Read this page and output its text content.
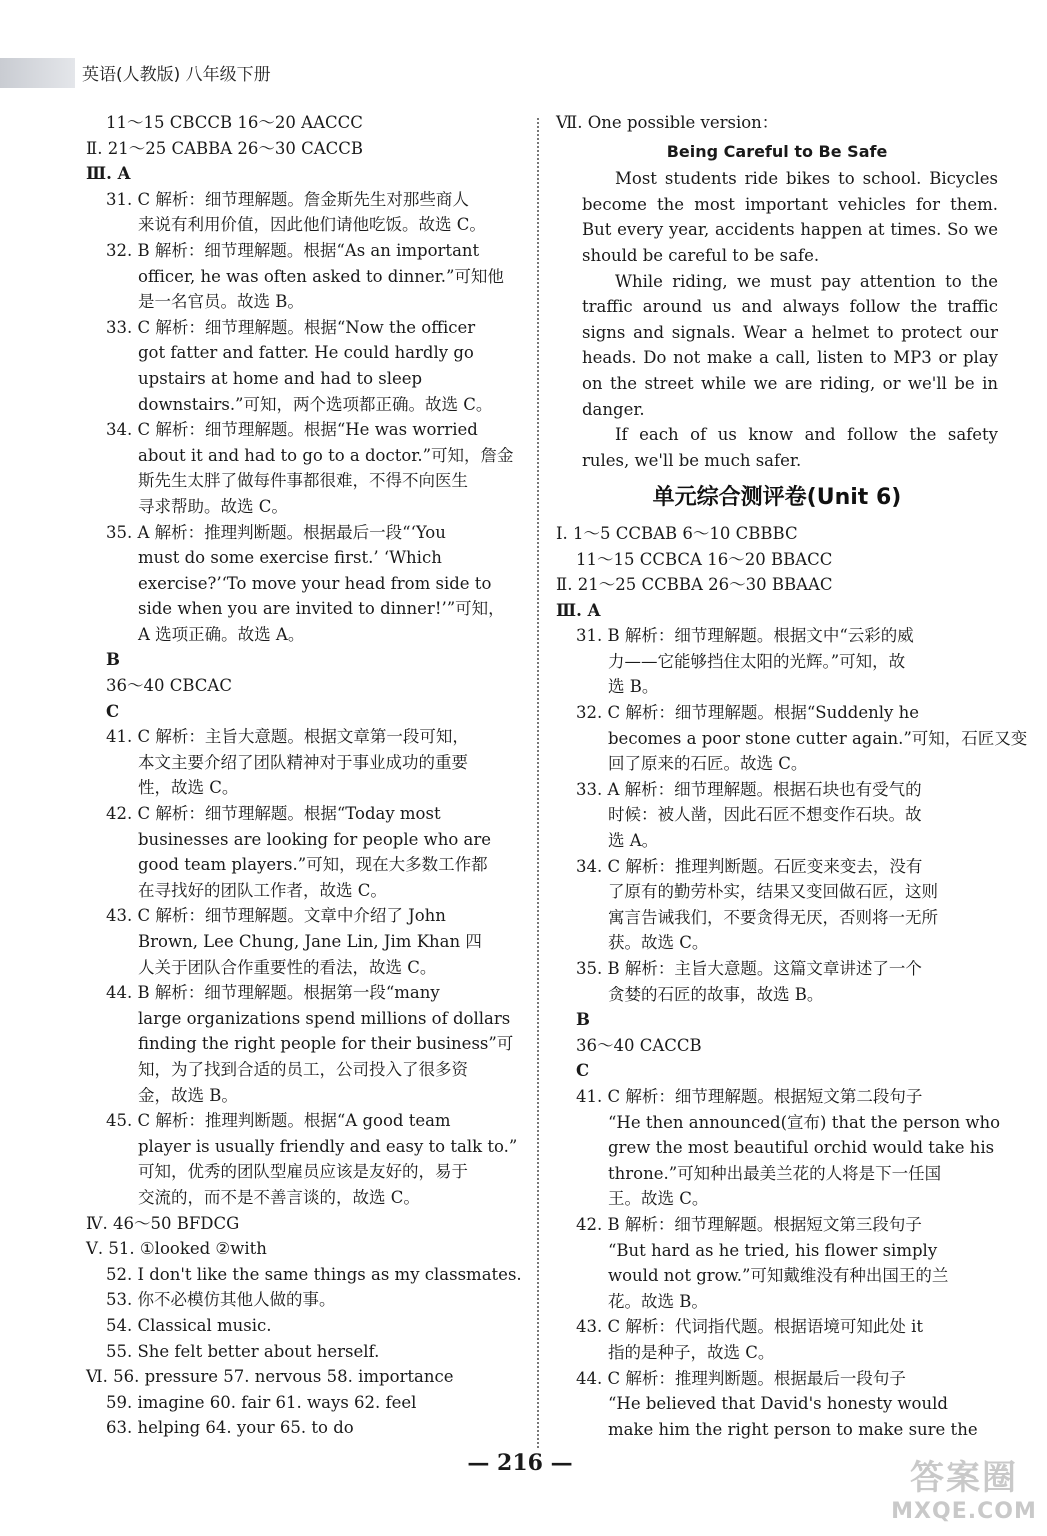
英语(人教版) 八年级下册
11～15 CBCCB 16～20 AACCC
Ⅱ. 21～25 CABBA 26～30 CACCB
Ⅲ. A
31. C 解析：细节理解题。詹金斯先生对那些商人
来说有利用价值，因此他们请他吃饭。故选 C。
32. B 解析：细节理解题。根据“As an important
officer, he was often asked to dinner.”可知他
是一名官员。故选 B。
33. C 解析：细节理解题。根据“Now the officer
got fatter and fatter. He could hardly go
upstairs at home and had to sleep
downstairs.”可知，两个选项都正确。故选 C。
34. C 解析：细节理解题。根据“He was worried
about it and had to go to a doctor.”可知，詹金
斯先生太胖了做每件事都很难，不得不向医生
寻求帮助。故选 C。
35. A 解析：推理判断题。根据最后一段“‘You
must do some exercise first.’ ‘Which
exercise?’‘To move your head from side to
side when you are invited to dinner!’”可知，
A 选项正确。故选 A。
B
36～40 CBCAC
C
41. C 解析：主旨大意题。根据文章第一段可知，
本文主要介绍了团队精神对于事业成功的重要
性，故选 C。
42. C 解析：细节理解题。根据“Today most
businesses are looking for people who are
good team players.”可知，现在大多数工作都
在寻找好的团队工作者，故选 C。
43. C 解析：细节理解题。文章中介绍了 John
Brown, Lee Chung, Jane Lin, Jim Khan 四
人关于团队合作重要性的看法，故选 C。
44. B 解析：细节理解题。根据第一段“many
large organizations spend millions of dollars
finding the right people for their business”可
知，为了找到合适的员工，公司投入了很多资
金，故选 B。
45. C 解析：推理判断题。根据“A good team
player is usually friendly and easy to talk to.”
可知，优秀的团队型雇员应该是友好的，易于
交流的，而不是不善言谈的，故选 C。
Ⅳ. 46～50 BFDCG
Ⅴ. 51. ①looked ②with
52. I don't like the same things as my classmates.
53. 你不必模仿其他人做的事。
54. Classical music.
55. She felt better about herself.
Ⅵ. 56. pressure 57. nervous 58. importance
59. imagine 60. fair 61. ways 62. feel
63. helping 64. your 65. to do
Ⅶ. One possible version：
Being Careful to Be Safe

Most students ride bikes to school. Bicycles become the most important vehicles for them. But every year, accidents happen at times. So we should be careful to be safe.

While riding, we must pay attention to the traffic around us and always follow the traffic signs and signals. Wear a helmet to protect our heads. Do not make a call, listen to MP3 or play on the street while we are riding, or we'll be in danger.

If each of us know and follow the safety rules, we'll be much safer.

单元综合测评卷(Unit 6)
Ⅰ. 1～5 CCBAB 6～10 CBBBC
11～15 CCBCA 16～20 BBACC
Ⅱ. 21～25 CCBBA 26～30 BBAAC
Ⅲ. A
31. B 解析：细节理解题。根据文中“云彩的威
力——它能够挡住太阳的光辉。”可知，故
选 B。
32. C 解析：细节理解题。根据“Suddenly he
becomes a poor stone cutter again.”可知，石匠又变
回了原来的石匠。故选 C。
33. A 解析：细节理解题。根据石块也有受气的
时候：被人凿，因此石匠不想变作石块。故
选 A。
34. C 解析：推理判断题。石匠变来变去，没有
了原有的勤劳朴实，结果又变回做石匠，这则
寓言告诫我们，不要贪得无厌，否则将一无所
获。故选 C。
35. B 解析：主旨大意题。这篇文章讲述了一个
贪婪的石匠的故事，故选 B。
B
36～40 CACCB
C
41. C 解析：细节理解题。根据短文第二段句子
“He then announced(宣布) that the person who
grew the most beautiful orchid would take his
throne.”可知种出最美兰花的人将是下一任国
王。故选 C。
42. B 解析：细节理解题。根据短文第三段句子
“But hard as he tried, his flower simply
would not grow.”可知戴维没有种出国王的兰
花。故选 B。
43. C 解析：代词指代题。根据语境可知此处 it
指的是种子，故选 C。
44. C 解析：推理判断题。根据最后一段句子
“He believed that David's honesty would
make him the right person to make sure the
— 216 —	答案圈
MXQE.COM
